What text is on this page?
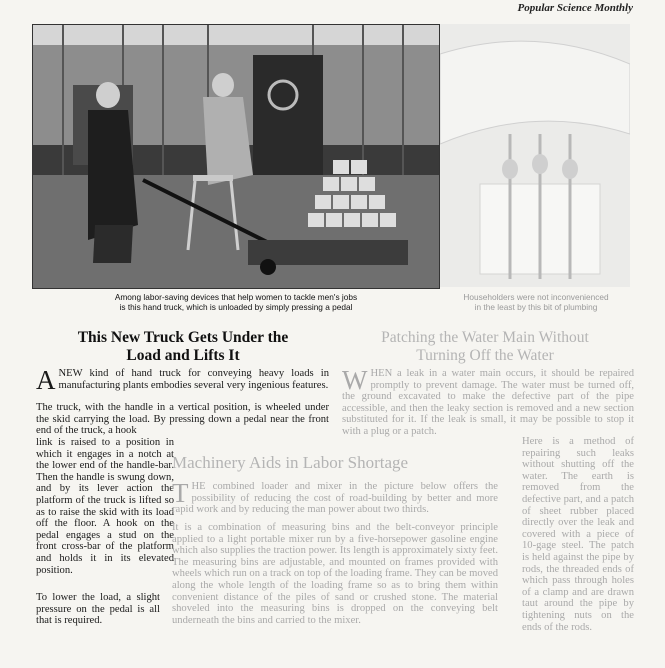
Popular Science Monthly
Among labor-saving devices that help women to tackle men's jobs
is this hand truck, which is unloaded by simply pressing a pedal
Householders were not inconvenienced
in the least by this bit of plumbing
This New Truck Gets Under the
Load and Lifts It

ANEW kind of hand truck for conveying heavy loads in manufacturing plants embodies several very ingenious features.

The truck, with the handle in a vertical position, is wheeled under the skid carrying the load. By pressing down a pedal near the front end of the truck, a hook

link is raised to a position in which it engages in a notch at the lower end of the handle-bar. Then the handle is swung down, and by its lever action the platform of the truck is lifted so as to raise the skid with its load off the floor. A hook on the pedal engages a stud on the front cross-bar of the platform and holds it in its elevated position.

To lower the load, a slight pressure on the pedal is all that is required.

Patching the Water Main Without
Turning Off the Water

WHEN a leak in a water main occurs, it should be repaired promptly to prevent damage. The water must be turned off, the ground excavated to make the defective part of the pipe accessible, and then the leaky section is removed and a new section substituted for it. If the leak is small, it may be possible to stop it with a plug or a patch.

Here is a method of repairing such leaks without shutting off the water. The earth is removed from the defective part, and a patch of sheet rubber placed directly over the leak and covered with a piece of 10-gage steel. The patch is held against the pipe by rods, the threaded ends of which pass through holes of a clamp and are drawn taut around the pipe by tightening nuts on the ends of the rods.

Machinery Aids in Labor Shortage

THE combined loader and mixer in the picture below offers the possibility of reducing the cost of road-building by better and more rapid work and by reducing the man power about two thirds.

It is a combination of measuring bins and the belt-conveyor principle applied to a light portable mixer run by a five-horsepower gasoline engine which also supplies the traction power. Its length is approximately sixty feet. The measuring bins are adjustable, and mounted on frames provided with wheels which run on a track on top of the loading frame. They can be moved along the whole length of the loading frame so as to bring them within convenient distance of the piles of sand or crushed stone. The material shoveled into the measuring bins is dropped on the conveying belt underneath the bins and carried to the mixer.
